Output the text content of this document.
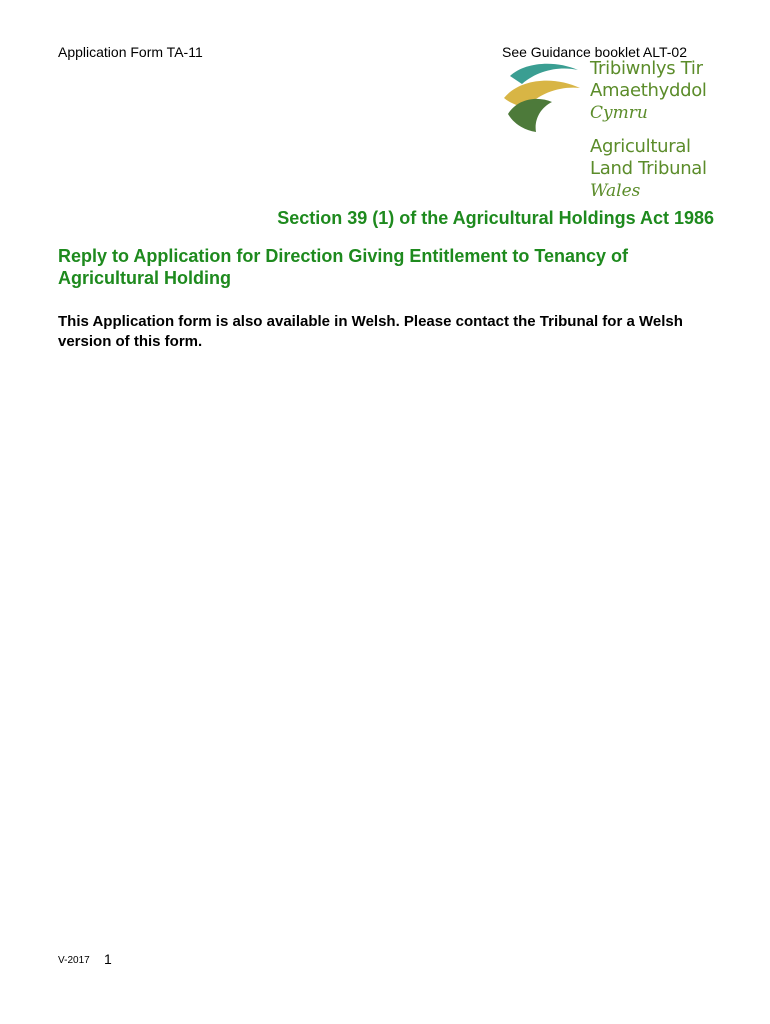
Application Form TA-11	See Guidance booklet ALT-02
Tribiwnlys Tir
Amaethyddol
Cymru
Agricultural
Land Tribunal
Wales
Section 39 (1) of the Agricultural Holdings Act 1986
Reply to Application for Direction Giving Entitlement to Tenancy of Agricultural Holding
This Application form is also available in Welsh. Please contact the Tribunal for a Welsh version of this form.
V-2017 1
